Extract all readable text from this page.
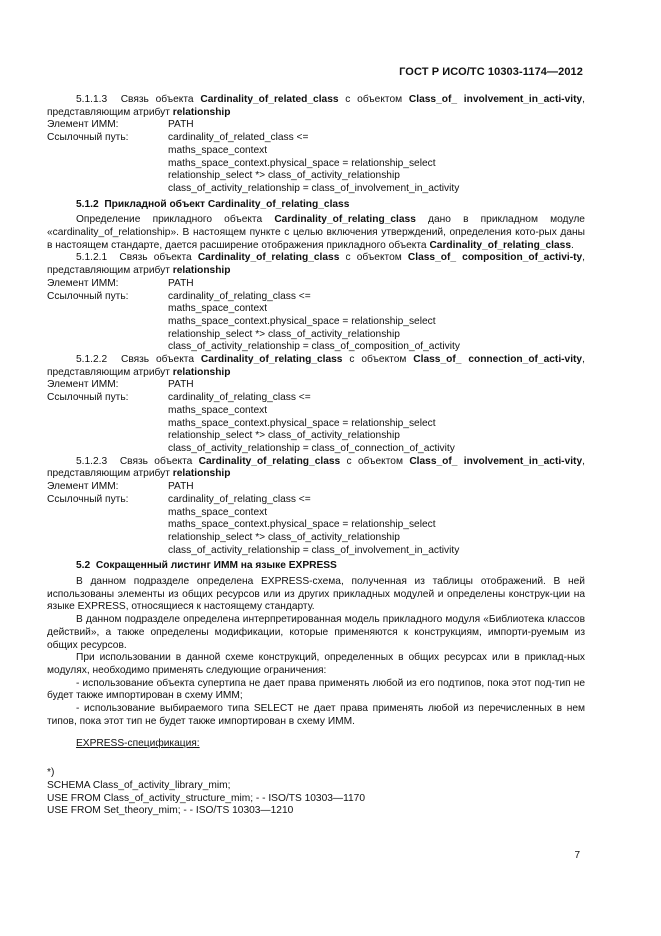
ГОСТ Р ИСО/ТС 10303-1174—2012

5.1.1.3 Связь объекта Cardinality_of_related_class с объектом Class_of_ involvement_in_acti-vity, представляющим атрибут relationship

Элемент ИММ:	PATH
Ссылочный путь:	cardinality_of_related_class <=
maths_space_context
maths_space_context.physical_space = relationship_select
relationship_select *> class_of_activity_relationship
class_of_activity_relationship = class_of_involvement_in_activity

5.1.2 Прикладной объект Cardinality_of_relating_class

Определение прикладного объекта Cardinality_of_relating_class дано в прикладном модуле «cardinality_of_relationship». В настоящем пункте с целью включения утверждений, определения кото-рых даны в настоящем стандарте, дается расширение отображения прикладного объекта Cardinality_of_relating_class.

5.1.2.1 Связь объекта Cardinality_of_relating_class с объектом Class_of_ composition_of_activi-ty, представляющим атрибут relationship

Элемент ИММ:	PATH
Ссылочный путь:	cardinality_of_relating_class <=
maths_space_context
maths_space_context.physical_space = relationship_select
relationship_select *> class_of_activity_relationship
class_of_activity_relationship = class_of_composition_of_activity

5.1.2.2 Связь объекта Cardinality_of_relating_class с объектом Class_of_ connection_of_acti-vity, представляющим атрибут relationship

Элемент ИММ:	PATH
Ссылочный путь:	cardinality_of_relating_class <=
maths_space_context
maths_space_context.physical_space = relationship_select
relationship_select *> class_of_activity_relationship
class_of_activity_relationship = class_of_connection_of_activity

5.1.2.3 Связь объекта Cardinality_of_relating_class с объектом Class_of_ involvement_in_acti-vity, представляющим атрибут relationship

Элемент ИММ:	PATH
Ссылочный путь:	cardinality_of_relating_class <=
maths_space_context
maths_space_context.physical_space = relationship_select
relationship_select *> class_of_activity_relationship
class_of_activity_relationship = class_of_involvement_in_activity

5.2 Сокращенный листинг ИММ на языке EXPRESS

В данном подразделе определена EXPRESS-схема, полученная из таблицы отображений. В ней использованы элементы из общих ресурсов или из других прикладных модулей и определены конструк-ции на языке EXPRESS, относящиеся к настоящему стандарту.

В данном подразделе определена интерпретированная модель прикладного модуля «Библиотека классов действий», а также определены модификации, которые применяются к конструкциям, импорти-руемым из общих ресурсов.

При использовании в данной схеме конструкций, определенных в общих ресурсах или в приклад-ных модулях, необходимо применять следующие ограничения:

- использование объекта супертипа не дает права применять любой из его подтипов, пока этот под-тип не будет также импортирован в схему ИММ;

- использование выбираемого типа SELECT не дает права применять любой из перечисленных в нем типов, пока этот тип не будет также импортирован в схему ИММ.

EXPRESS-спецификация:
*)
SCHEMA Class_of_activity_library_mim;
USE FROM Class_of_activity_structure_mim; - - ISO/TS 10303—1170
USE FROM Set_theory_mim; - - ISO/TS 10303—1210
7
